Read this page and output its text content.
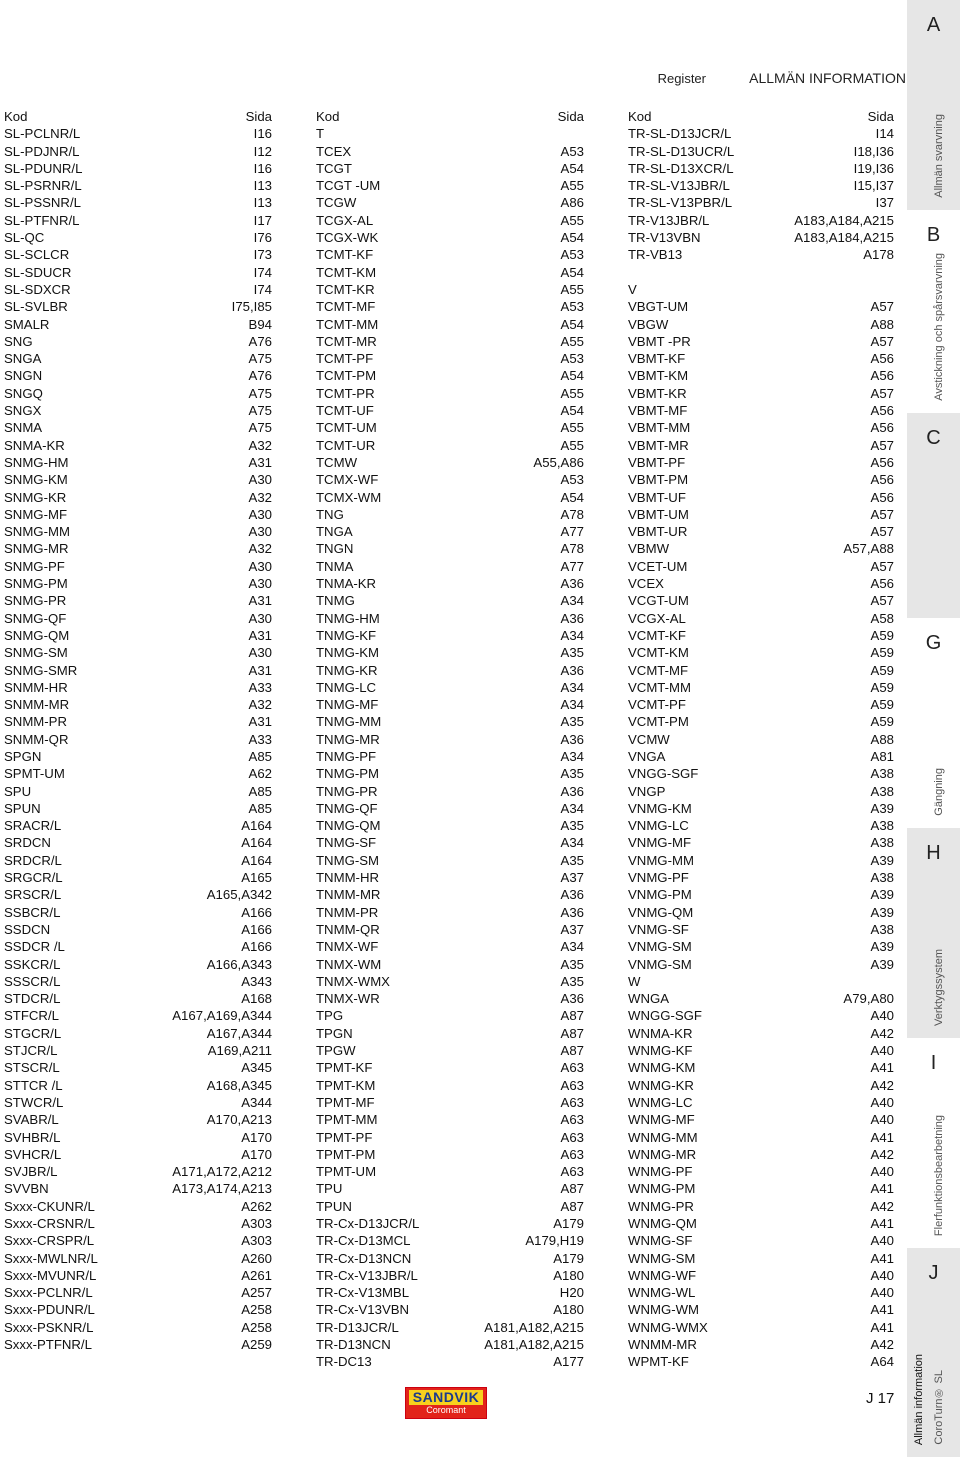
Register	ALLMÄN INFORMATION
Kod	Sida
SL-PCLNR/L	I16
SL-PDJNR/L	I12
SL-PDUNR/L	I16
SL-PSRNR/L	I13
SL-PSSNR/L	I13
SL-PTFNR/L	I17
SL-QC	I76
SL-SCLCR	I73
SL-SDUCR	I74
SL-SDXCR	I74
SL-SVLBR	I75,I85
SMALR	B94
SNG	A76
SNGA	A75
SNGN	A76
SNGQ	A75
SNGX	A75
SNMA	A75
SNMA-KR	A32
SNMG-HM	A31
SNMG-KM	A30
SNMG-KR	A32
SNMG-MF	A30
SNMG-MM	A30
SNMG-MR	A32
SNMG-PF	A30
SNMG-PM	A30
SNMG-PR	A31
SNMG-QF	A30
SNMG-QM	A31
SNMG-SM	A30
SNMG-SMR	A31
SNMM-HR	A33
SNMM-MR	A32
SNMM-PR	A31
SNMM-QR	A33
SPGN	A85
SPMT-UM	A62
SPU	A85
SPUN	A85
SRACR/L	A164
SRDCN	A164
SRDCR/L	A164
SRGCR/L	A165
SRSCR/L	A165,A342
SSBCR/L	A166
SSDCN	A166
SSDCR /L	A166
SSKCR/L	A166,A343
SSSCR/L	A343
STDCR/L	A168
STFCR/L	A167,A169,A344
STGCR/L	A167,A344
STJCR/L	A169,A211
STSCR/L	A345
STTCR /L	A168,A345
STWCR/L	A344
SVABR/L	A170,A213
SVHBR/L	A170
SVHCR/L	A170
SVJBR/L	A171,A172,A212
SVVBN	A173,A174,A213
Sxxx-CKUNR/L	A262
Sxxx-CRSNR/L	A303
Sxxx-CRSPR/L	A303
Sxxx-MWLNR/L	A260
Sxxx-MVUNR/L	A261
Sxxx-PCLNR/L	A257
Sxxx-PDUNR/L	A258
Sxxx-PSKNR/L	A258
Sxxx-PTFNR/L	A259
Kod	Sida
T
TCEX	A53
TCGT	A54
TCGT -UM	A55
TCGW	A86
TCGX-AL	A55
TCGX-WK	A54
TCMT-KF	A53
TCMT-KM	A54
TCMT-KR	A55
TCMT-MF	A53
TCMT-MM	A54
TCMT-MR	A55
TCMT-PF	A53
TCMT-PM	A54
TCMT-PR	A55
TCMT-UF	A54
TCMT-UM	A55
TCMT-UR	A55
TCMW	A55,A86
TCMX-WF	A53
TCMX-WM	A54
TNG	A78
TNGA	A77
TNGN	A78
TNMA	A77
TNMA-KR	A36
TNMG	A34
TNMG-HM	A36
TNMG-KF	A34
TNMG-KM	A35
TNMG-KR	A36
TNMG-LC	A34
TNMG-MF	A34
TNMG-MM	A35
TNMG-MR	A36
TNMG-PF	A34
TNMG-PM	A35
TNMG-PR	A36
TNMG-QF	A34
TNMG-QM	A35
TNMG-SF	A34
TNMG-SM	A35
TNMM-HR	A37
TNMM-MR	A36
TNMM-PR	A36
TNMM-QR	A37
TNMX-WF	A34
TNMX-WM	A35
TNMX-WMX	A35
TNMX-WR	A36
TPG	A87
TPGN	A87
TPGW	A87
TPMT-KF	A63
TPMT-KM	A63
TPMT-MF	A63
TPMT-MM	A63
TPMT-PF	A63
TPMT-PM	A63
TPMT-UM	A63
TPU	A87
TPUN	A87
TR-Cx-D13JCR/L	A179
TR-Cx-D13MCL	A179,H19
TR-Cx-D13NCN	A179
TR-Cx-V13JBR/L	A180
TR-Cx-V13MBL	H20
TR-Cx-V13VBN	A180
TR-D13JCR/L	A181,A182,A215
TR-D13NCN	A181,A182,A215
TR-DC13	A177
Kod	Sida
TR-SL-D13JCR/L	I14
TR-SL-D13UCR/L	I18,I36
TR-SL-D13XCR/L	I19,I36
TR-SL-V13JBR/L	I15,I37
TR-SL-V13PBR/L	I37
TR-V13JBR/L	A183,A184,A215
TR-V13VBN	A183,A184,A215
TR-VB13	A178
V
VBGT-UM	A57
VBGW	A88
VBMT -PR	A57
VBMT-KF	A56
VBMT-KM	A56
VBMT-KR	A57
VBMT-MF	A56
VBMT-MM	A56
VBMT-MR	A57
VBMT-PF	A56
VBMT-PM	A56
VBMT-UF	A56
VBMT-UM	A57
VBMT-UR	A57
VBMW	A57,A88
VCET-UM	A57
VCEX	A56
VCGT-UM	A57
VCGX-AL	A58
VCMT-KF	A59
VCMT-KM	A59
VCMT-MF	A59
VCMT-MM	A59
VCMT-PF	A59
VCMT-PM	A59
VCMW	A88
VNGA	A81
VNGG-SGF	A38
VNGP	A38
VNMG-KM	A39
VNMG-LC	A38
VNMG-MF	A38
VNMG-MM	A39
VNMG-PF	A38
VNMG-PM	A39
VNMG-QM	A39
VNMG-SF	A38
VNMG-SM	A39
VNMG-SM	A39
W
WNGA	A79,A80
WNGG-SGF	A40
WNMA-KR	A42
WNMG-KF	A40
WNMG-KM	A41
WNMG-KR	A42
WNMG-LC	A40
WNMG-MF	A40
WNMG-MM	A41
WNMG-MR	A42
WNMG-PF	A40
WNMG-PM	A41
WNMG-PR	A42
WNMG-QM	A41
WNMG-SF	A40
WNMG-SM	A41
WNMG-WF	A40
WNMG-WL	A40
WNMG-WM	A41
WNMG-WMX	A41
WNMM-MR	A42
WPMT-KF	A64
A
Allmän svarvning
B
Avstickning och spårsvarvning
C
G
Gängning
H
Verktygssystem
I
Flerfunktionsbearbetning
J
CoroTurn® SL
Allmän information
SANDVIK
Coromant
J 17
